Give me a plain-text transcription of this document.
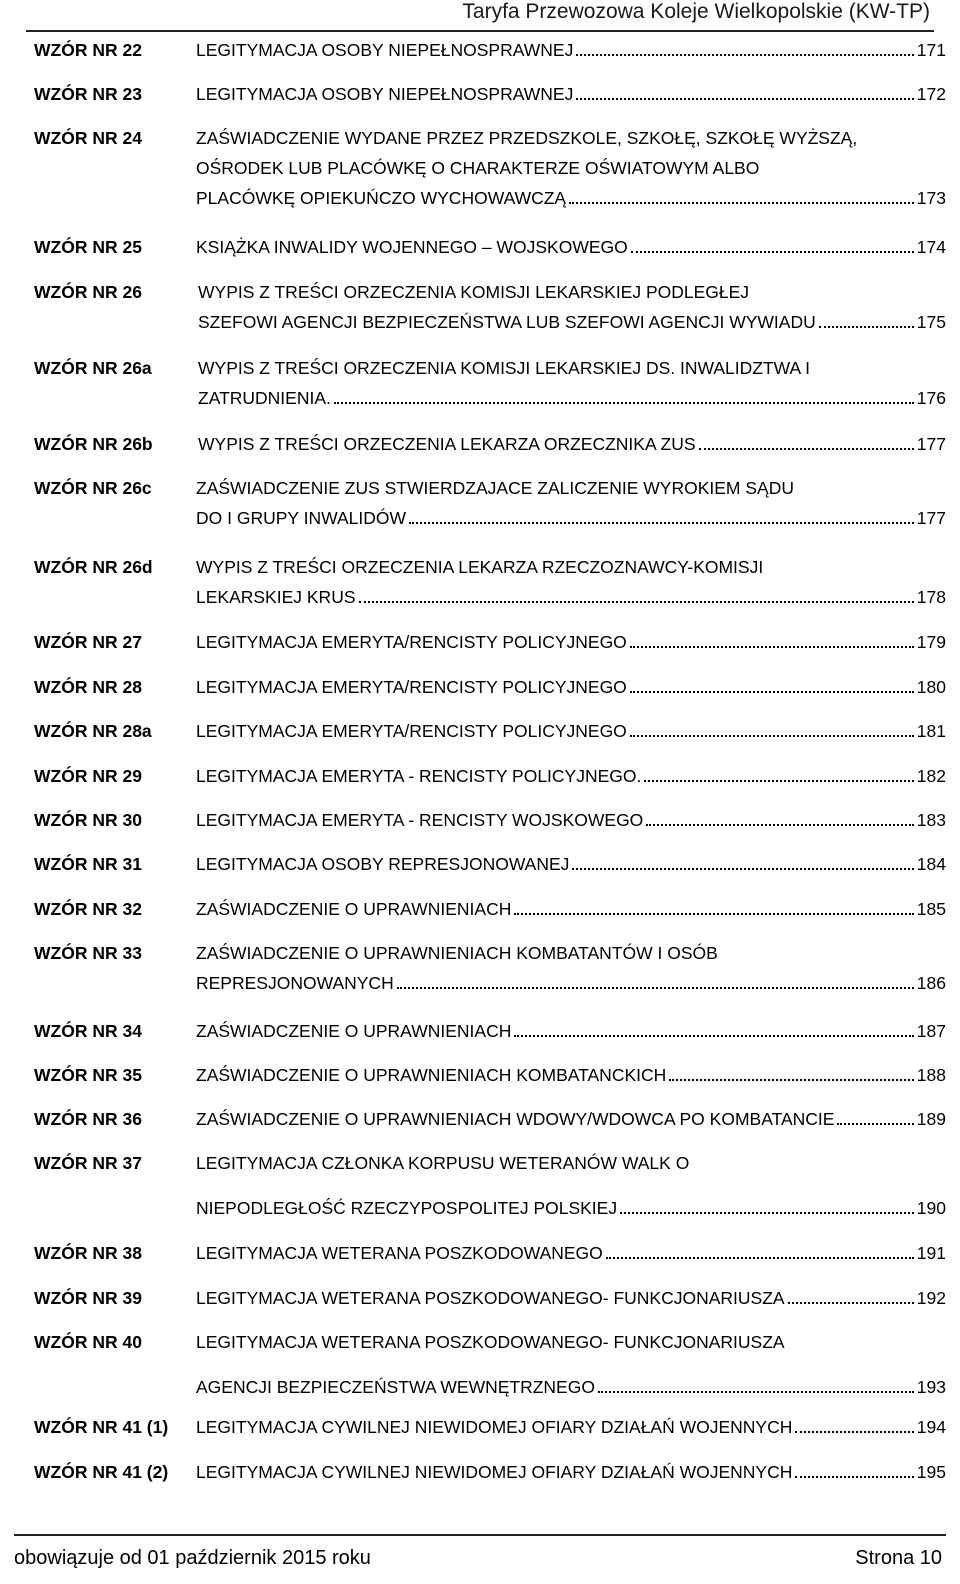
Taryfa Przewozowa Koleje Wielkopolskie (KW-TP)
WZÓR NR 22	LEGITYMACJA OSOBY NIEPEŁNOSPRAWNEJ	171
WZÓR NR 23	LEGITYMACJA OSOBY NIEPEŁNOSPRAWNEJ	172
WZÓR NR 24	ZAŚWIADCZENIE WYDANE PRZEZ PRZEDSZKOLE, SZKOŁĘ, SZKOŁĘ WYŻSZĄ,
OŚRODEK LUB PLACÓWKĘ O CHARAKTERZE OŚWIATOWYM ALBO
PLACÓWKĘ OPIEKUŃCZO WYCHOWAWCZĄ	173
WZÓR NR 25	KSIĄŻKA INWALIDY WOJENNEGO – WOJSKOWEGO	174
WZÓR NR 26	WYPIS Z TREŚCI ORZECZENIA KOMISJI LEKARSKIEJ PODLEGŁEJ
SZEFOWI AGENCJI BEZPIECZEŃSTWA LUB SZEFOWI AGENCJI WYWIADU	175
WZÓR NR 26a	WYPIS Z TREŚCI ORZECZENIA KOMISJI LEKARSKIEJ DS. INWALIDZTWA I
ZATRUDNIENIA.	176
WZÓR NR 26b	WYPIS Z TREŚCI ORZECZENIA LEKARZA ORZECZNIKA ZUS	177
WZÓR NR 26c	ZAŚWIADCZENIE ZUS STWIERDZAJACE ZALICZENIE WYROKIEM SĄDU
DO I GRUPY INWALIDÓW	177
WZÓR NR 26d WYPIS Z TREŚCI ORZECZENIA LEKARZA RZECZOZNAWCY-KOMISJI
LEKARSKIEJ KRUS	178
WZÓR NR 27	LEGITYMACJA EMERYTA/RENCISTY POLICYJNEGO	179
WZÓR NR 28	LEGITYMACJA EMERYTA/RENCISTY POLICYJNEGO	180
WZÓR NR 28a	LEGITYMACJA EMERYTA/RENCISTY POLICYJNEGO	181
WZÓR NR 29	LEGITYMACJA EMERYTA - RENCISTY POLICYJNEGO.	182
WZÓR NR 30	LEGITYMACJA EMERYTA - RENCISTY WOJSKOWEGO	183
WZÓR NR 31	LEGITYMACJA OSOBY REPRESJONOWANEJ	184
WZÓR NR 32	ZAŚWIADCZENIE O UPRAWNIENIACH	185
WZÓR NR 33	ZAŚWIADCZENIE O UPRAWNIENIACH KOMBATANTÓW I OSÓB
REPRESJONOWANYCH	186
WZÓR NR 34	ZAŚWIADCZENIE O UPRAWNIENIACH	187
WZÓR NR 35	ZAŚWIADCZENIE O UPRAWNIENIACH KOMBATANCKICH	188
WZÓR NR 36	ZAŚWIADCZENIE O UPRAWNIENIACH WDOWY/WDOWCA PO KOMBATANCIE	189
WZÓR NR 37	LEGITYMACJA CZŁONKA KORPUSU WETERANÓW WALK O
NIEPODLEGŁOŚĆ RZECZYPOSPOLITEJ POLSKIEJ	190
WZÓR NR 38	LEGITYMACJA WETERANA POSZKODOWANEGO	191
WZÓR NR 39	LEGITYMACJA WETERANA POSZKODOWANEGO- FUNKCJONARIUSZA	192
WZÓR NR 40	LEGITYMACJA WETERANA POSZKODOWANEGO- FUNKCJONARIUSZA
AGENCJI BEZPIECZEŃSTWA WEWNĘTRZNEGO	193
WZÓR NR 41 (1) LEGITYMACJA CYWILNEJ NIEWIDOMEJ OFIARY DZIAŁAŃ WOJENNYCH	194
WZÓR NR 41 (2) LEGITYMACJA CYWILNEJ NIEWIDOMEJ OFIARY DZIAŁAŃ WOJENNYCH	195
obowiązuje od 01 październik 2015 roku	Strona 10
